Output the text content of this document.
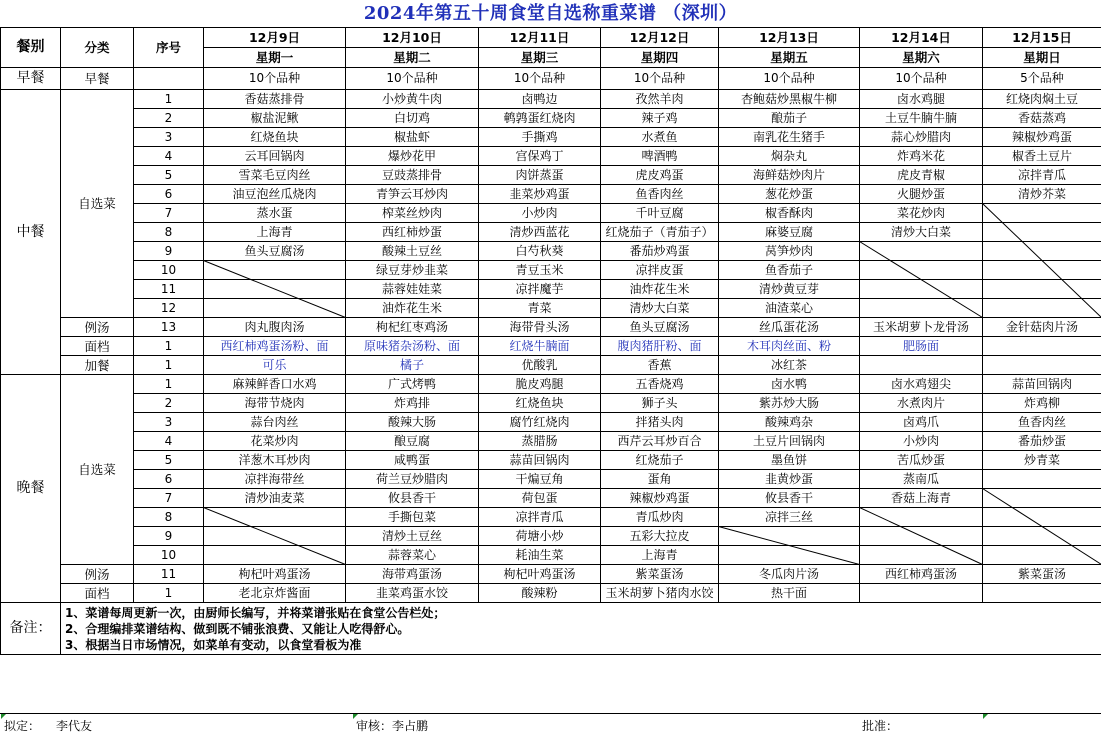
2024年第五十周食堂自选称重菜谱 （深圳）
餐别	分类	序号	12月9日	12月10日	12月11日	12月12日	12月13日	12月14日	12月15日
			星期一	星期二	星期三	星期四	星期五	星期六	星期日
早餐	早餐		10个品种	10个品种	10个品种	10个品种	10个品种	10个品种	5个品种
中餐	自选菜	1	香菇蒸排骨	小炒黄牛肉	卤鸭边	孜然羊肉	杏鲍菇炒黑椒牛柳	卤水鸡腿	红烧肉焖土豆
		2	椒盐泥鳅	白切鸡	鹌鹑蛋红烧肉	辣子鸡	酿茄子	土豆牛腩牛腩	香菇蒸鸡
		3	红烧鱼块	椒盐虾	手撕鸡	水煮鱼	南乳花生猪手	蒜心炒腊肉	辣椒炒鸡蛋
		4	云耳回锅肉	爆炒花甲	宫保鸡丁	啤酒鸭	焖杂丸	炸鸡米花	椒香土豆片
		5	雪菜毛豆肉丝	豆豉蒸排骨	肉饼蒸蛋	虎皮鸡蛋	海鲜菇炒肉片	虎皮青椒	凉拌青瓜
		6	油豆泡丝瓜烧肉	青笋云耳炒肉	韭菜炒鸡蛋	鱼香肉丝	葱花炒蛋	火腿炒蛋	清炒芥菜
		7	蒸水蛋	榨菜丝炒肉	小炒肉	千叶豆腐	椒香酥肉	菜花炒肉	
		8	上海青	西红柿炒蛋	清炒西蓝花	红烧茄子（青茄子）	麻婆豆腐	清炒大白菜	
		9	鱼头豆腐汤	酸辣土豆丝	白芍秋葵	番茄炒鸡蛋	莴笋炒肉		
		10		绿豆芽炒韭菜	青豆玉米	凉拌皮蛋	鱼香茄子		
		11		蒜蓉娃娃菜	凉拌魔芋	油炸花生米	清炒黄豆芽		
		12		油炸花生米	青菜	清炒大白菜	油渣菜心		
	例汤	13	肉丸腹肉汤	枸杞红枣鸡汤	海带骨头汤	鱼头豆腐汤	丝瓜蛋花汤	玉米胡萝卜龙骨汤	金针菇肉片汤
	面档	1	西红柿鸡蛋汤粉、面	原味猪杂汤粉、面	红烧牛腩面	腹肉猪肝粉、面	木耳肉丝面、粉	肥肠面	
	加餐	1	可乐	橘子	优酸乳	香蕉	冰红茶		
晚餐	自选菜	1	麻辣鲜香口水鸡	广式烤鸭	脆皮鸡腿	五香烧鸡	卤水鸭	卤水鸡翅尖	蒜苗回锅肉
		2	海带节烧肉	炸鸡排	红烧鱼块	狮子头	紫苏炒大肠	水煮肉片	炸鸡柳
		3	蒜台肉丝	酸辣大肠	腐竹红烧肉	拌猪头肉	酸辣鸡杂	卤鸡爪	鱼香肉丝
		4	花菜炒肉	酿豆腐	蒸腊肠	西芹云耳炒百合	土豆片回锅肉	小炒肉	番茄炒蛋
		5	洋葱木耳炒肉	咸鸭蛋	蒜苗回锅肉	红烧茄子	墨鱼饼	苦瓜炒蛋	炒青菜
		6	凉拌海带丝	荷兰豆炒腊肉	干煸豆角	蛋角	韭黄炒蛋	蒸南瓜	
		7	清炒油麦菜	攸县香干	荷包蛋	辣椒炒鸡蛋	攸县香干	香菇上海青	
		8		手撕包菜	凉拌青瓜	青瓜炒肉	凉拌三丝		
		9		清炒土豆丝	荷塘小炒	五彩大拉皮			
		10		蒜蓉菜心	耗油生菜	上海青			
	例汤	11	枸杞叶鸡蛋汤	海带鸡蛋汤	枸杞叶鸡蛋汤	紫菜蛋汤	冬瓜肉片汤	西红柿鸡蛋汤	紫菜蛋汤
	面档	1	老北京炸酱面	韭菜鸡蛋水饺	酸辣粉	玉米胡萝卜猪肉水饺	热干面		
备注：	1、菜谱每周更新一次，由厨师长编写，并将菜谱张贴在食堂公告栏处；
2、合理编排菜谱结构、做到既不铺张浪费、又能让人吃得舒心。
3、根据当日市场情况，如菜单有变动，以食堂看板为准								
拟定： 李代友	审核：李占鹏	批准：
